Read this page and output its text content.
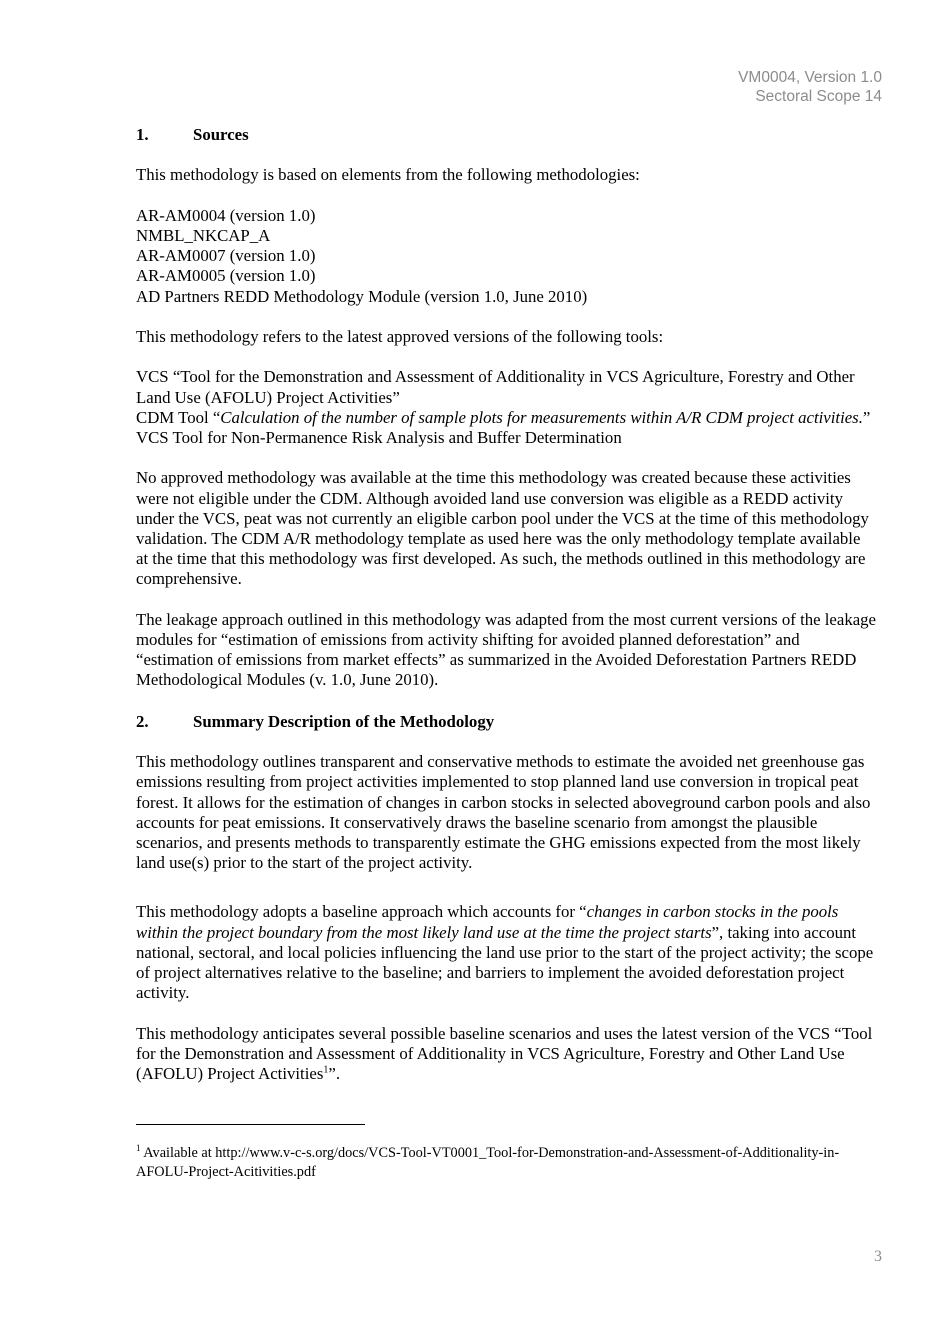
VM0004, Version 1.0
Sectoral Scope 14
1.	Sources

This methodology is based on elements from the following methodologies:

AR-AM0004 (version 1.0)

NMBL_NKCAP_A

AR-AM0007 (version 1.0)

AR-AM0005 (version 1.0)

AD Partners REDD Methodology Module (version 1.0, June 2010)

This methodology refers to the latest approved versions of the following tools:

VCS “Tool for the Demonstration and Assessment of Additionality in VCS Agriculture, Forestry and Other Land Use (AFOLU) Project Activities”

CDM Tool “Calculation of the number of sample plots for measurements within A/R CDM project activities.”

VCS Tool for Non-Permanence Risk Analysis and Buffer Determination

No approved methodology was available at the time this methodology was created because these activities were not eligible under the CDM. Although avoided land use conversion was eligible as a REDD activity under the VCS, peat was not currently an eligible carbon pool under the VCS at the time of this methodology validation. The CDM A/R methodology template as used here was the only methodology template available at the time that this methodology was first developed. As such, the methods outlined in this methodology are comprehensive.

The leakage approach outlined in this methodology was adapted from the most current versions of the leakage modules for “estimation of emissions from activity shifting for avoided planned deforestation” and “estimation of emissions from market effects” as summarized in the Avoided Deforestation Partners REDD Methodological Modules (v. 1.0, June 2010).

2.	Summary Description of the Methodology

This methodology outlines transparent and conservative methods to estimate the avoided net greenhouse gas emissions resulting from project activities implemented to stop planned land use conversion in tropical peat forest. It allows for the estimation of changes in carbon stocks in selected aboveground carbon pools and also accounts for peat emissions. It conservatively draws the baseline scenario from amongst the plausible scenarios, and presents methods to transparently estimate the GHG emissions expected from the most likely land use(s) prior to the start of the project activity.

This methodology adopts a baseline approach which accounts for “changes in carbon stocks in the pools within the project boundary from the most likely land use at the time the project starts”, taking into account national, sectoral, and local policies influencing the land use prior to the start of the project activity; the scope of project alternatives relative to the baseline; and barriers to implement the avoided deforestation project activity.

This methodology anticipates several possible baseline scenarios and uses the latest version of the VCS “Tool for the Demonstration and Assessment of Additionality in VCS Agriculture, Forestry and Other Land Use (AFOLU) Project Activities$^1$”.

$^1$ Available at http://www.v-c-s.org/docs/VCS-Tool-VT0001_Tool-for-Demonstration-and-Assessment-of-Additionality-in-AFOLU-Project-Acitivities.pdf
3
